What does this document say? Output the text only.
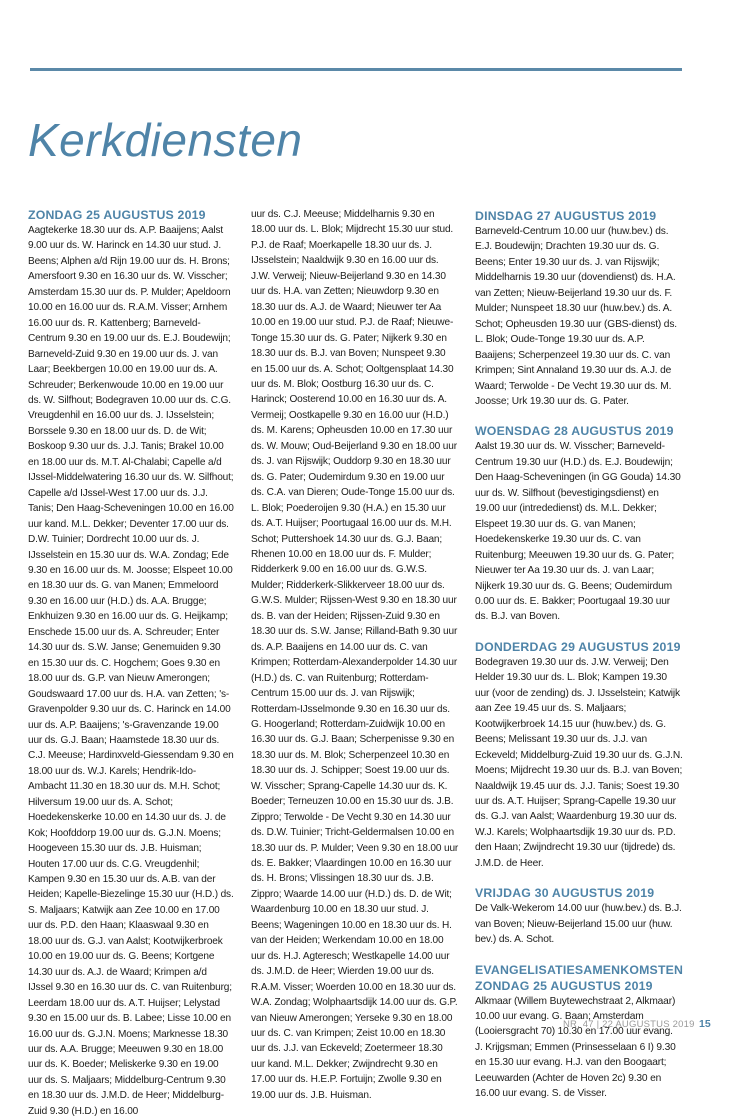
Kerkdiensten
ZONDAG 25 AUGUSTUS 2019

Aagtekerke 18.30 uur ds. A.P. Baaijens; Aalst 9.00 uur ds. W. Harinck en 14.30 uur stud. J. Beens; Alphen a/d Rijn 19.00 uur ds. H. Brons; Amersfoort 9.30 en 16.30 uur ds. W. Visscher; Amsterdam 15.30 uur ds. P. Mulder; Apeldoorn 10.00 en 16.00 uur ds. R.A.M. Visser; Arnhem 16.00 uur ds. R. Kattenberg; Barneveld-Centrum 9.30 en 19.00 uur ds. E.J. Boudewijn; Barneveld-Zuid 9.30 en 19.00 uur ds. J. van Laar; Beekbergen 10.00 en 19.00 uur ds. A. Schreuder; Berkenwoude 10.00 en 19.00 uur ds. W. Silfhout; Bodegraven 10.00 uur ds. C.G. Vreugdenhil en 16.00 uur ds. J. IJsselstein; Borssele 9.30 en 18.00 uur ds. D. de Wit; Boskoop 9.30 uur ds. J.J. Tanis; Brakel 10.00 en 18.00 uur ds. M.T. Al-Chalabi; Capelle a/d IJssel-Middelwatering 16.30 uur ds. W. Silfhout; Capelle a/d IJssel-West 17.00 uur ds. J.J. Tanis; Den Haag-Scheveningen 10.00 en 16.00 uur kand. M.L. Dekker; Deventer 17.00 uur ds. D.W. Tuinier; Dordrecht 10.00 uur ds. J. IJsselstein en 15.30 uur ds. W.A. Zondag; Ede 9.30 en 16.00 uur ds. M. Joosse; Elspeet 10.00 en 18.30 uur ds. G. van Manen; Emmeloord 9.30 en 16.00 uur (H.D.) ds. A.A. Brugge; Enkhuizen 9.30 en 16.00 uur ds. G. Heijkamp; Enschede 15.00 uur ds. A. Schreuder; Enter 14.30 uur ds. S.W. Janse; Genemuiden 9.30 en 15.30 uur ds. C. Hogchem; Goes 9.30 en 18.00 uur ds. G.P. van Nieuw Amerongen; Goudswaard 17.00 uur ds. H.A. van Zetten; 's-Gravenpolder 9.30 uur ds. C. Harinck en 14.00 uur ds. A.P. Baaijens; 's-Gravenzande 19.00 uur ds. G.J. Baan; Haamstede 18.30 uur ds. C.J. Meeuse; Hardinxveld-Giessendam 9.30 en 18.00 uur ds. W.J. Karels; Hendrik-Ido-Ambacht 11.30 en 18.30 uur ds. M.H. Schot; Hilversum 19.00 uur ds. A. Schot; Hoedekenskerke 10.00 en 14.30 uur ds. J. de Kok; Hoofddorp 19.00 uur ds. G.J.N. Moens; Hoogeveen 15.30 uur ds. J.B. Huisman; Houten 17.00 uur ds. C.G. Vreugdenhil; Kampen 9.30 en 15.30 uur ds. A.B. van der Heiden; Kapelle-Biezelinge 15.30 uur (H.D.) ds. S. Maljaars; Katwijk aan Zee 10.00 en 17.00 uur ds. P.D. den Haan; Klaaswaal 9.30 en 18.00 uur ds. G.J. van Aalst; Kootwijkerbroek 10.00 en 19.00 uur ds. G. Beens; Kortgene 14.30 uur ds. A.J. de Waard; Krimpen a/d IJssel 9.30 en 16.30 uur ds. C. van Ruitenburg; Leerdam 18.00 uur ds. A.T. Huijser; Lelystad 9.30 en 15.00 uur ds. B. Labee; Lisse 10.00 en 16.00 uur ds. G.J.N. Moens; Marknesse 18.30 uur ds. A.A. Brugge; Meeuwen 9.30 en 18.00 uur ds. K. Boeder; Meliskerke 9.30 en 19.00 uur ds. S. Maljaars; Middelburg-Centrum 9.30 en 18.30 uur ds. J.M.D. de Heer; Middelburg-Zuid 9.30 (H.D.) en 16.00

uur ds. C.J. Meeuse; Middelharnis 9.30 en 18.00 uur ds. L. Blok; Mijdrecht 15.30 uur stud. P.J. de Raaf; Moerkapelle 18.30 uur ds. J. IJsselstein; Naaldwijk 9.30 en 16.00 uur ds. J.W. Verweij; Nieuw-Beijerland 9.30 en 14.30 uur ds. H.A. van Zetten; Nieuwdorp 9.30 en 18.30 uur ds. A.J. de Waard; Nieuwer ter Aa 10.00 en 19.00 uur stud. P.J. de Raaf; Nieuwe-Tonge 15.30 uur ds. G. Pater; Nijkerk 9.30 en 18.30 uur ds. B.J. van Boven; Nunspeet 9.30 en 15.00 uur ds. A. Schot; Ooltgensplaat 14.30 uur ds. M. Blok; Oostburg 16.30 uur ds. C. Harinck; Oosterend 10.00 en 16.30 uur ds. A. Vermeij; Oostkapelle 9.30 en 16.00 uur (H.D.) ds. M. Karens; Opheusden 10.00 en 17.30 uur ds. W. Mouw; Oud-Beijerland 9.30 en 18.00 uur ds. J. van Rijswijk; Ouddorp 9.30 en 18.30 uur ds. G. Pater; Oudemirdum 9.30 en 19.00 uur ds. C.A. van Dieren; Oude-Tonge 15.00 uur ds. L. Blok; Poederoijen 9.30 (H.A.) en 15.30 uur ds. A.T. Huijser; Poortugaal 16.00 uur ds. M.H. Schot; Puttershoek 14.30 uur ds. G.J. Baan; Rhenen 10.00 en 18.00 uur ds. F. Mulder; Ridderkerk 9.00 en 16.00 uur ds. G.W.S. Mulder; Ridderkerk-Slikkerveer 18.00 uur ds. G.W.S. Mulder; Rijssen-West 9.30 en 18.30 uur ds. B. van der Heiden; Rijssen-Zuid 9.30 en 18.30 uur ds. S.W. Janse; Rilland-Bath 9.30 uur ds. A.P. Baaijens en 14.00 uur ds. C. van Krimpen; Rotterdam-Alexanderpolder 14.30 uur (H.D.) ds. C. van Ruitenburg; Rotterdam-Centrum 15.00 uur ds. J. van Rijswijk; Rotterdam-IJsselmonde 9.30 en 16.30 uur ds. G. Hoogerland; Rotterdam-Zuidwijk 10.00 en 16.30 uur ds. G.J. Baan; Scherpenisse 9.30 en 18.30 uur ds. M. Blok; Scherpenzeel 10.30 en 18.30 uur ds. J. Schipper; Soest 19.00 uur ds. W. Visscher; Sprang-Capelle 14.30 uur ds. K. Boeder; Terneuzen 10.00 en 15.30 uur ds. J.B. Zippro; Terwolde - De Vecht 9.30 en 14.30 uur ds. D.W. Tuinier; Tricht-Geldermalsen 10.00 en 18.30 uur ds. P. Mulder; Veen 9.30 en 18.00 uur ds. E. Bakker; Vlaardingen 10.00 en 16.30 uur ds. H. Brons; Vlissingen 18.30 uur ds. J.B. Zippro; Waarde 14.00 uur (H.D.) ds. D. de Wit; Waardenburg 10.00 en 18.30 uur stud. J. Beens; Wageningen 10.00 en 18.30 uur ds. H. van der Heiden; Werkendam 10.00 en 18.00 uur ds. H.J. Agteresch; Westkapelle 14.00 uur ds. J.M.D. de Heer; Wierden 19.00 uur ds. R.A.M. Visser; Woerden 10.00 en 18.30 uur ds. W.A. Zondag; Wolphaartsdijk 14.00 uur ds. G.P. van Nieuw Amerongen; Yerseke 9.30 en 18.00 uur ds. C. van Krimpen; Zeist 10.00 en 18.30 uur ds. J.J. van Eckeveld; Zoetermeer 18.30 uur kand. M.L. Dekker; Zwijndrecht 9.30 en 17.00 uur ds. H.E.P. Fortuijn; Zwolle 9.30 en 19.00 uur ds. J.B. Huisman.

DINSDAG 27 AUGUSTUS 2019

Barneveld-Centrum 10.00 uur (huw.bev.) ds. E.J. Boudewijn; Drachten 19.30 uur ds. G. Beens; Enter 19.30 uur ds. J. van Rijswijk; Middelharnis 19.30 uur (dovendienst) ds. H.A. van Zetten; Nieuw-Beijerland 19.30 uur ds. F. Mulder; Nunspeet 18.30 uur (huw.bev.) ds. A. Schot; Opheusden 19.30 uur (GBS-dienst) ds. L. Blok; Oude-Tonge 19.30 uur ds. A.P. Baaijens; Scherpenzeel 19.30 uur ds. C. van Krimpen; Sint Annaland 19.30 uur ds. A.J. de Waard; Terwolde - De Vecht 19.30 uur ds. M. Joosse; Urk 19.30 uur ds. G. Pater.

WOENSDAG 28 AUGUSTUS 2019

Aalst 19.30 uur ds. W. Visscher; Barneveld-Centrum 19.30 uur (H.D.) ds. E.J. Boudewijn; Den Haag-Scheveningen (in GG Gouda) 14.30 uur ds. W. Silfhout (bevestigingsdienst) en 19.00 uur (intrededienst) ds. M.L. Dekker; Elspeet 19.30 uur ds. G. van Manen; Hoedekenskerke 19.30 uur ds. C. van Ruitenburg; Meeuwen 19.30 uur ds. G. Pater; Nieuwer ter Aa 19.30 uur ds. J. van Laar; Nijkerk 19.30 uur ds. G. Beens; Oudemirdum 0.00 uur ds. E. Bakker; Poortugaal 19.30 uur ds. B.J. van Boven.

DONDERDAG 29 AUGUSTUS 2019

Bodegraven 19.30 uur ds. J.W. Verweij; Den Helder 19.30 uur ds. L. Blok; Kampen 19.30 uur (voor de zending) ds. J. IJsselstein; Katwijk aan Zee 19.45 uur ds. S. Maljaars; Kootwijkerbroek 14.15 uur (huw.bev.) ds. G. Beens; Melissant 19.30 uur ds. J.J. van Eckeveld; Middelburg-Zuid 19.30 uur ds. G.J.N. Moens; Mijdrecht 19.30 uur ds. B.J. van Boven; Naaldwijk 19.45 uur ds. J.J. Tanis; Soest 19.30 uur ds. A.T. Huijser; Sprang-Capelle 19.30 uur ds. G.J. van Aalst; Waardenburg 19.30 uur ds. W.J. Karels; Wolphaartsdijk 19.30 uur ds. P.D. den Haan; Zwijndrecht 19.30 uur (tijdrede) ds. J.M.D. de Heer.

VRIJDAG 30 AUGUSTUS 2019

De Valk-Wekerom 14.00 uur (huw.bev.) ds. B.J. van Boven; Nieuw-Beijerland 15.00 uur (huw. bev.) ds. A. Schot.

EVANGELISATIESAMENKOMSTEN
ZONDAG 25 AUGUSTUS 2019

Alkmaar (Willem Buytewechstraat 2, Alkmaar) 10.00 uur evang. G. Baan; Amsterdam (Looiersgracht 70) 10.30 en 17.00 uur evang. J. Krijgsman; Emmen (Prinsesselaan 6 I) 9.30 en 15.30 uur evang. H.J. van den Boogaart; Leeuwarden (Achter de Hoven 2c) 9.30 en 16.00 uur evang. S. de Visser.

NR. 47 | 22 AUGUSTUS 2019 15
